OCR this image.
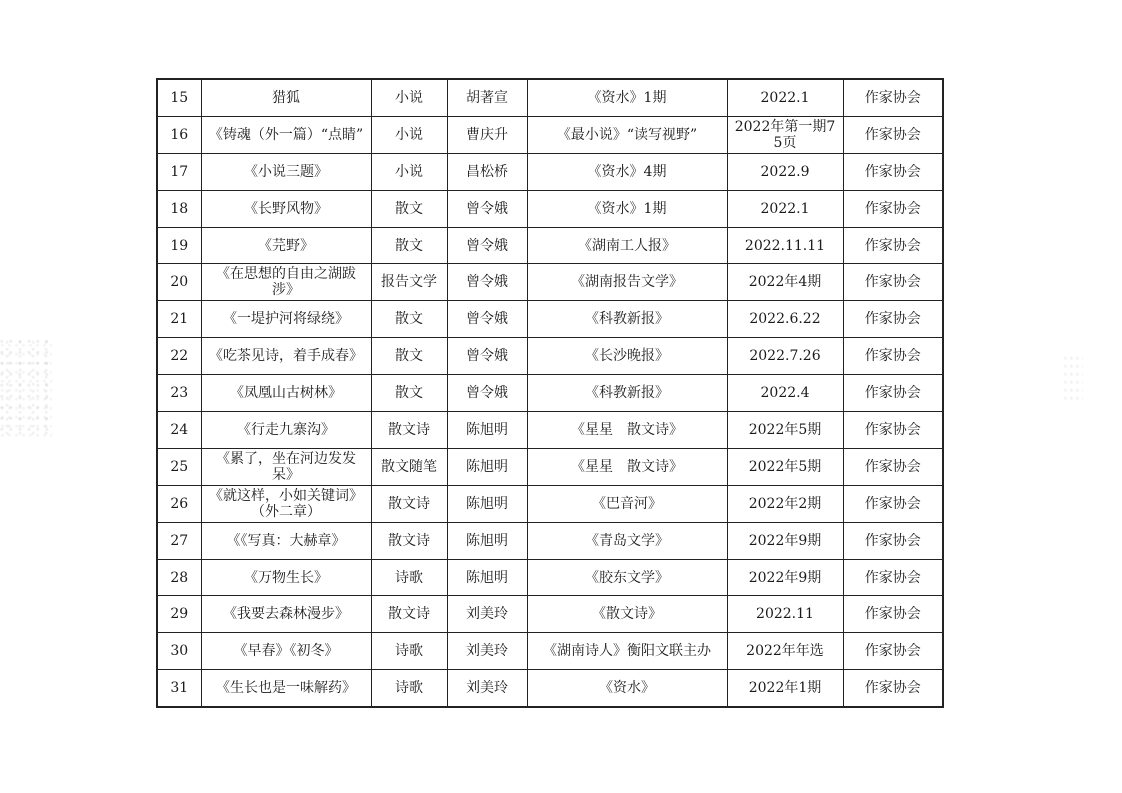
15	猎狐	小说	胡著宣	《资水》1期	2022.1	作家协会
16	《铸魂（外一篇）“点睛”	小说	曹庆升	《最小说》“读写视野”	2022年第一期75页	作家协会
17	《小说三题》	小说	昌松桥	《资水》4期	2022.9	作家协会
18	《长野风物》	散文	曾令娥	《资水》1期	2022.1	作家协会
19	《芫野》	散文	曾令娥	《湖南工人报》	2022.11.11	作家协会
20	《在思想的自由之湖跋涉》	报告文学	曾令娥	《湖南报告文学》	2022年4期	作家协会
21	《一堤护河将绿绕》	散文	曾令娥	《科教新报》	2022.6.22	作家协会
22	《吃茶见诗，着手成春》	散文	曾令娥	《长沙晚报》	2022.7.26	作家协会
23	《凤凰山古树林》	散文	曾令娥	《科教新报》	2022.4	作家协会
24	《行走九寨沟》	散文诗	陈旭明	《星星　散文诗》	2022年5期	作家协会
25	《累了，坐在河边发发呆》	散文随笔	陈旭明	《星星　散文诗》	2022年5期	作家协会
26	《就这样，小如关键词》（外二章）	散文诗	陈旭明	《巴音河》	2022年2期	作家协会
27	《《写真：大赫章》	散文诗	陈旭明	《青岛文学》	2022年9期	作家协会
28	《万物生长》	诗歌	陈旭明	《胶东文学》	2022年9期	作家协会
29	《我要去森林漫步》	散文诗	刘美玲	《散文诗》	2022.11	作家协会
30	《早春》《初冬》	诗歌	刘美玲	《湖南诗人》衡阳文联主办	2022年年选	作家协会
31	《生长也是一味解药》	诗歌	刘美玲	《资水》	2022年1期	作家协会
